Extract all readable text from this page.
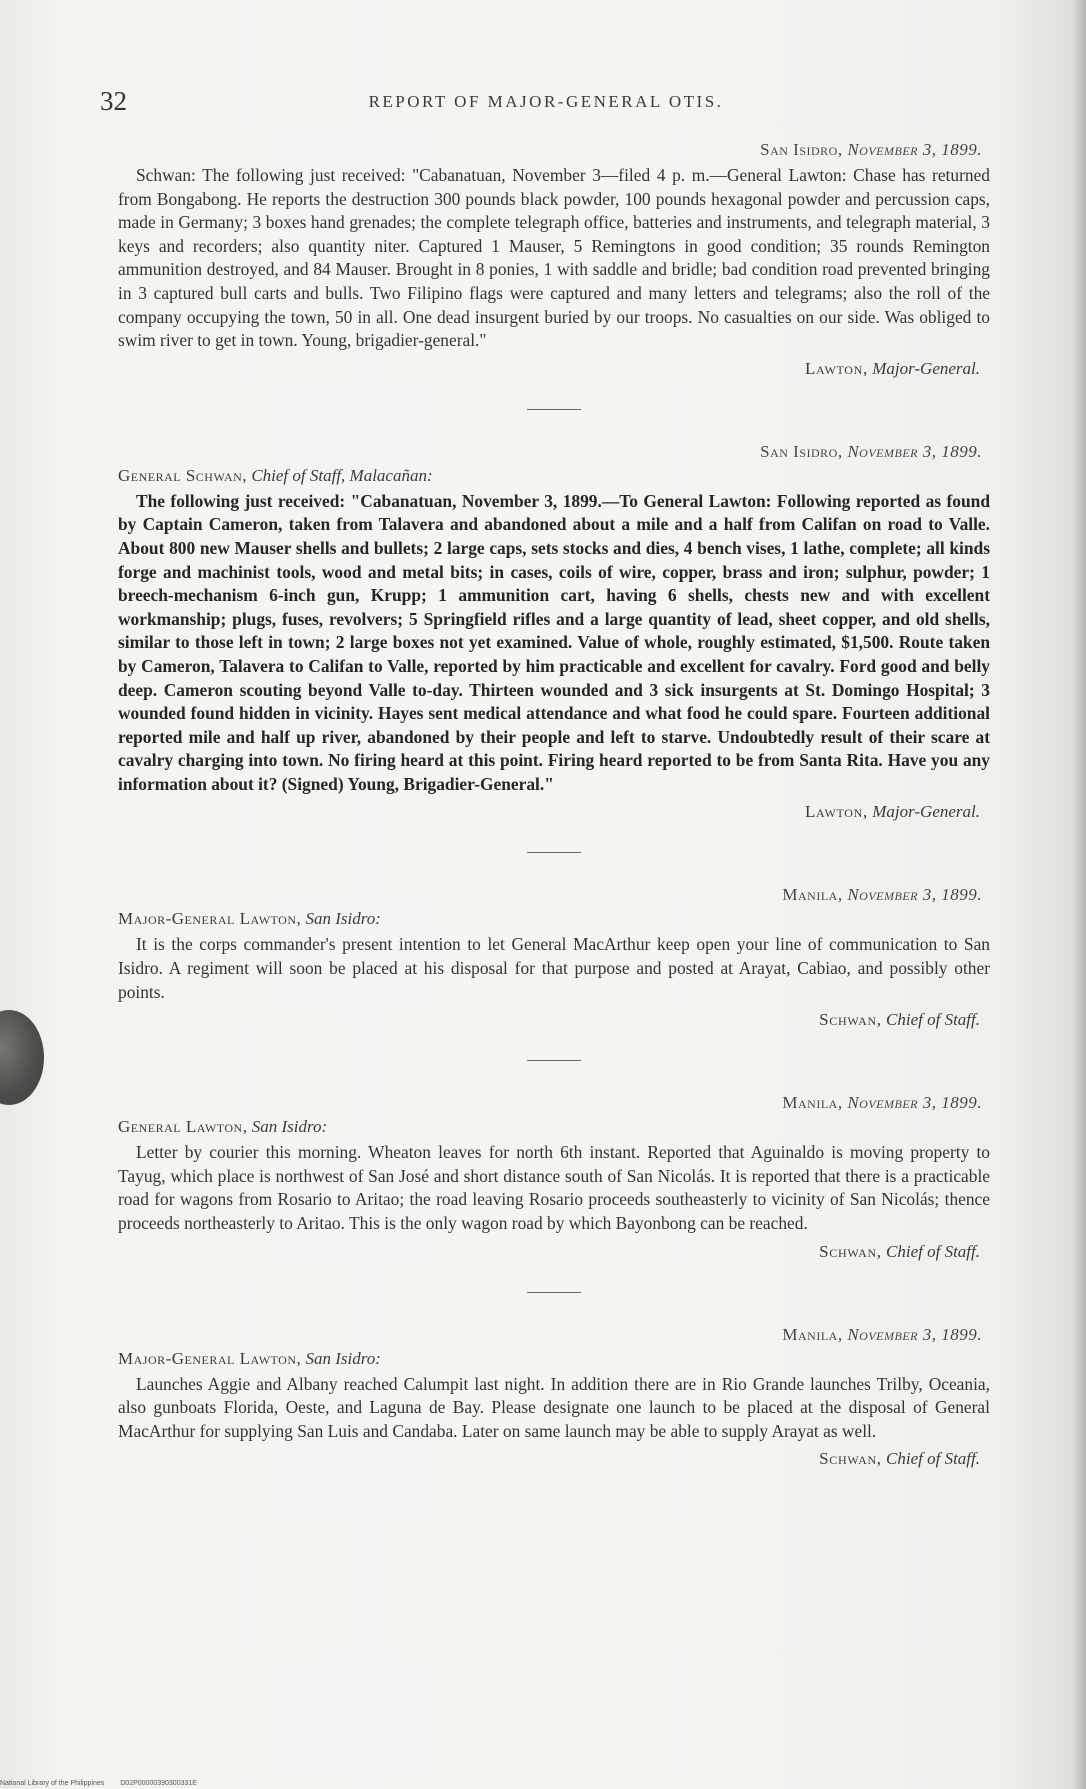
32	REPORT OF MAJOR-GENERAL OTIS.
San Isidro, November 3, 1899.

Schwan: The following just received: "Cabanatuan, November 3—filed 4 p. m.—General Lawton: Chase has returned from Bongabong. He reports the destruction 300 pounds black powder, 100 pounds hexagonal powder and percussion caps, made in Germany; 3 boxes hand grenades; the complete telegraph office, batteries and instruments, and telegraph material, 3 keys and recorders; also quantity niter. Captured 1 Mauser, 5 Remingtons in good condition; 35 rounds Remington ammunition destroyed, and 84 Mauser. Brought in 8 ponies, 1 with saddle and bridle; bad condition road prevented bringing in 3 captured bull carts and bulls. Two Filipino flags were captured and many letters and telegrams; also the roll of the company occupying the town, 50 in all. One dead insurgent buried by our troops. No casualties on our side. Was obliged to swim river to get in town. Young, brigadier-general."

Lawton, Major-General.
San Isidro, November 3, 1899.
General Schwan, Chief of Staff, Malacañan:

The following just received: "Cabanatuan, November 3, 1899.—To General Lawton: Following reported as found by Captain Cameron, taken from Talavera and abandoned about a mile and a half from Califan on road to Valle. About 800 new Mauser shells and bullets; 2 large caps, sets stocks and dies, 4 bench vises, 1 lathe, complete; all kinds forge and machinist tools, wood and metal bits; in cases, coils of wire, copper, brass and iron; sulphur, powder; 1 breech-mechanism 6-inch gun, Krupp; 1 ammunition cart, having 6 shells, chests new and with excellent workmanship; plugs, fuses, revolvers; 5 Springfield rifles and a large quantity of lead, sheet copper, and old shells, similar to those left in town; 2 large boxes not yet examined. Value of whole, roughly estimated, $1,500. Route taken by Cameron, Talavera to Califan to Valle, reported by him practicable and excellent for cavalry. Ford good and belly deep. Cameron scouting beyond Valle to-day. Thirteen wounded and 3 sick insurgents at St. Domingo Hospital; 3 wounded found hidden in vicinity. Hayes sent medical attendance and what food he could spare. Fourteen additional reported mile and half up river, abandoned by their people and left to starve. Undoubtedly result of their scare at cavalry charging into town. No firing heard at this point. Firing heard reported to be from Santa Rita. Have you any information about it? (Signed) Young, Brigadier-General."

Lawton, Major-General.
Manila, November 3, 1899.
Major-General Lawton, San Isidro:

It is the corps commander's present intention to let General MacArthur keep open your line of communication to San Isidro. A regiment will soon be placed at his disposal for that purpose and posted at Arayat, Cabiao, and possibly other points.

Schwan, Chief of Staff.
Manila, November 3, 1899.
General Lawton, San Isidro:

Letter by courier this morning. Wheaton leaves for north 6th instant. Reported that Aguinaldo is moving property to Tayug, which place is northwest of San José and short distance south of San Nicolás. It is reported that there is a practicable road for wagons from Rosario to Aritao; the road leaving Rosario proceeds southeasterly to vicinity of San Nicolás; thence proceeds northeasterly to Aritao. This is the only wagon road by which Bayonbong can be reached.

Schwan, Chief of Staff.
Manila, November 3, 1899.
Major-General Lawton, San Isidro:

Launches Aggie and Albany reached Calumpit last night. In addition there are in Rio Grande launches Trilby, Oceania, also gunboats Florida, Oeste, and Laguna de Bay. Please designate one launch to be placed at the disposal of General MacArthur for supplying San Luis and Candaba. Later on same launch may be able to supply Arayat as well.

Schwan, Chief of Staff.
National Library of the Philippines D02P00000390300331E
